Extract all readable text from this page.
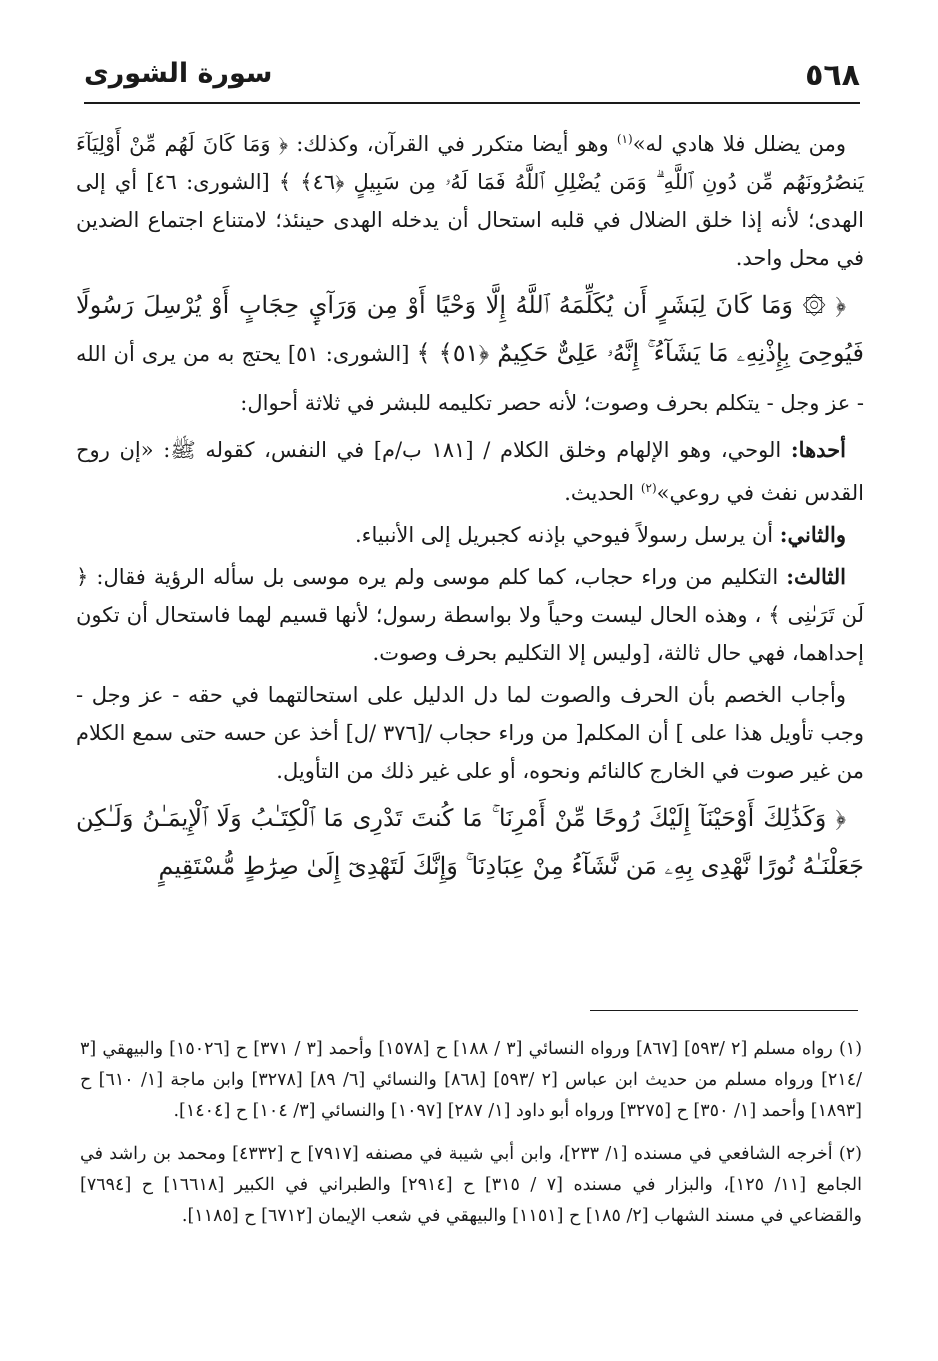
٥٦٨
سورة الشورى

ومن يضلل فلا هادي له»$^{(١)}$ وهو أيضا متكرر في القرآن، وكذلك: ﴿ وَمَا كَانَ لَهُم مِّنْ أَوْلِيَآءَ يَنصُرُونَهُم مِّن دُونِ ٱللَّهِ ۗ وَمَن يُضْلِلِ ٱللَّهُ فَمَا لَهُۥ مِن سَبِيلٍ ﴿٤٦﴾ ﴾ [الشورى: ٤٦] أي إلى الهدى؛ لأنه إذا خلق الضلال في قلبه استحال أن يدخله الهدى حينئذ؛ لامتناع اجتماع الضدين في محل واحد.

﴿ ۞ وَمَا كَانَ لِبَشَرٍ أَن يُكَلِّمَهُ ٱللَّهُ إِلَّا وَحْيًا أَوْ مِن وَرَآيِٕ حِجَابٍ أَوْ يُرْسِلَ رَسُولًا فَيُوحِىَ بِإِذْنِهِۦ مَا يَشَآءُ ۚ إِنَّهُۥ عَلِىٌّ حَكِيمٌ ﴿٥١﴾ ﴾ [الشورى: ٥١] يحتج به من يرى أن الله - عز وجل - يتكلم بحرف وصوت؛ لأنه حصر تكليمه للبشر في ثلاثة أحوال:

أحدها: الوحي، وهو الإلهام وخلق الكلام / [١٨١ ب/م] في النفس، كقوله ﷺ: «إن روح القدس نفث في روعي»$^{(٢)}$ الحديث.

والثاني: أن يرسل رسولاً فيوحي بإذنه كجبريل إلى الأنبياء.

الثالث: التكليم من وراء حجاب، كما كلم موسى ولم يره موسى بل سأله الرؤية فقال: ﴿ لَن تَرَىٰنِى ﴾ ، وهذه الحال ليست وحياً ولا بواسطة رسول؛ لأنها قسيم لهما فاستحال أن تكون إحداهما، فهي حال ثالثة، [وليس إلا التكليم بحرف وصوت.

وأجاب الخصم بأن الحرف والصوت لما دل الدليل على استحالتهما في حقه - عز وجل - وجب تأويل هذا على ] أن المكلم[ من وراء حجاب /[٣٧٦ /ل] أخذ عن حسه حتى سمع الكلام من غير صوت في الخارج كالنائم ونحوه، أو على غير ذلك من التأويل.

﴿ وَكَذَٰلِكَ أَوْحَيْنَآ إِلَيْكَ رُوحًا مِّنْ أَمْرِنَا ۚ مَا كُنتَ تَدْرِى مَا ٱلْكِتَـٰبُ وَلَا ٱلْإِيمَـٰنُ وَلَـٰكِن جَعَلْنَـٰهُ نُورًا نَّهْدِى بِهِۦ مَن نَّشَآءُ مِنْ عِبَادِنَا ۚ وَإِنَّكَ لَتَهْدِىٓ إِلَىٰ صِرَٰطٍ مُّسْتَقِيمٍ

(١) رواه مسلم [٢ /٥٩٣] [٨٦٧] ورواه النسائي [٣ / ١٨٨] ح [١٥٧٨] وأحمد [٣ / ٣٧١] ح [١٥٠٢٦] والبيهقي [٣ /٢١٤] ورواه مسلم من حديث ابن عباس [٢ /٥٩٣] [٨٦٨] والنسائي [٦/ ٨٩] [٣٢٧٨] وابن ماجة [١/ ٦١٠] ح [١٨٩٣] وأحمد [١/ ٣٥٠] ح [٣٢٧٥] ورواه أبو داود [١/ ٢٨٧] [١٠٩٧] والنسائي [٣/ ١٠٤] ح [١٤٠٤].

(٢) أخرجه الشافعي في مسنده [١/ ٢٣٣]، وابن أبي شيبة في مصنفه [٧٩١٧] ح [٤٣٣٢] ومحمد بن راشد في الجامع [١١/ ١٢٥]، والبزار في مسنده [٧ / ٣١٥] ح [٢٩١٤] والطبراني في الكبير [١٦٦١٨] ح [٧٦٩٤] والقضاعي في مسند الشهاب [٢/ ١٨٥] ح [١١٥١] والبيهقي في شعب الإيمان [٦٧١٢] ح [١١٨٥].
